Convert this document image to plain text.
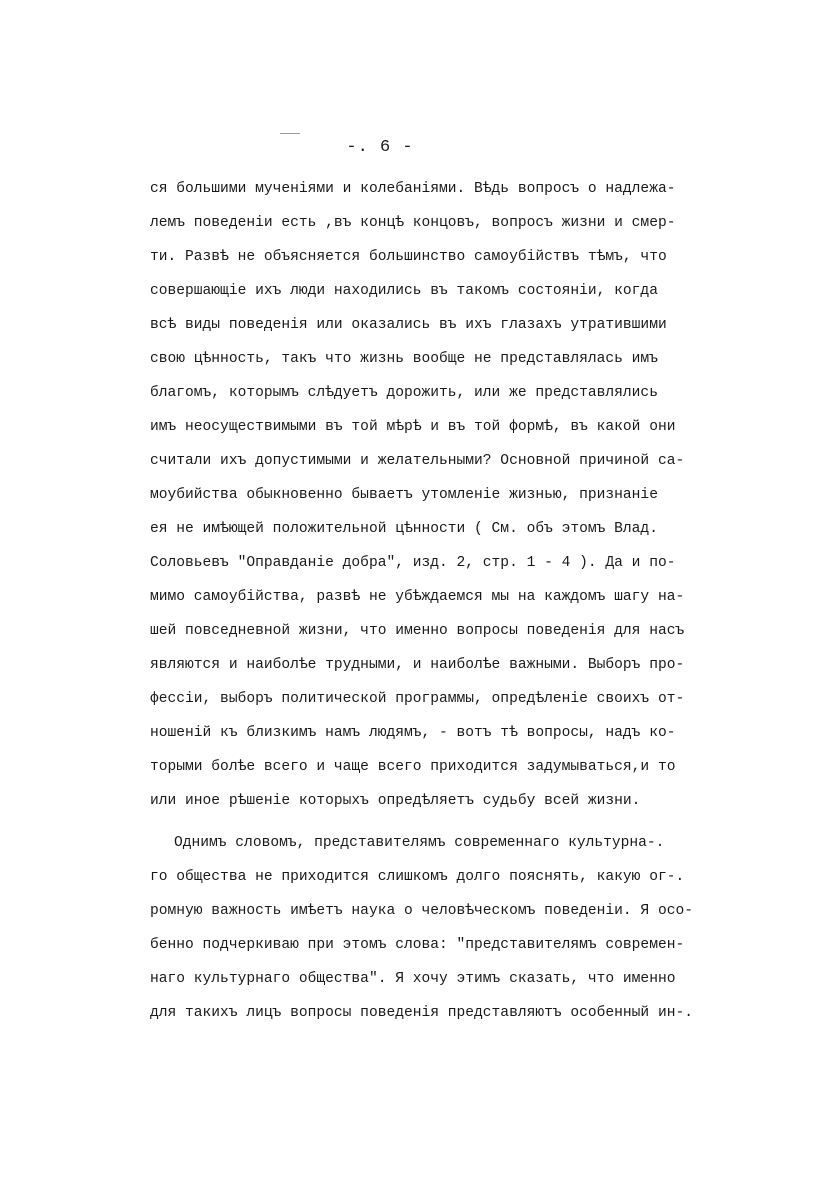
-. 6 -
ся большими мученіями и колебаніями. Вѣдь вопросъ о надлежа-
лемъ поведеніи есть ,въ концѣ концовъ, вопросъ жизни и смер-
ти. Развѣ не объясняется большинство самоубійствъ тѣмъ, что
совершающіе ихъ люди находились въ такомъ состояніи, когда
всѣ виды поведенія или оказались въ ихъ глазахъ утратившими
свою цѣнность, такъ что жизнь вообще не представлялась имъ
благомъ, которымъ слѣдуетъ дорожить, или же представлялись
имъ неосуществимыми въ той мѣрѣ и въ той формѣ, въ какой они
считали ихъ допустимыми и желательными? Основной причиной са-
моубийства обыкновенно бываетъ утомленіе жизнью, признаніе
ея не имѣющей положительной цѣнности ( См. объ этомъ Влад.
Соловьевъ "Оправданіе добра", изд. 2, стр. 1 - 4 ). Да и по-
мимо самоубійства, развѣ не убѣждаемся мы на каждомъ шагу на-
шей повседневной жизни, что именно вопросы поведенія для насъ
являются и наиболѣе трудными, и наиболѣе важными. Выборъ про-
фессіи, выборъ политической программы, опредѣленіе своихъ от-
ношеній къ близкимъ намъ людямъ, - вотъ тѣ вопросы, надъ ко-
торыми болѣе всего и чаще всего приходится задумываться,и то
или иное рѣшеніе которыхъ опредѣляетъ судьбу всей жизни.
Однимъ словомъ, представителямъ современнаго культурна-.
го общества не приходится слишкомъ долго пояснять, какую ог-.
ромную важность имѣетъ наука о человѣческомъ поведеніи. Я осо-
бенно подчеркиваю при этомъ слова: "представителямъ современ-
наго культурнаго общества". Я хочу этимъ сказать, что именно
для такихъ лицъ вопросы поведенія представляютъ особенный ин-.
